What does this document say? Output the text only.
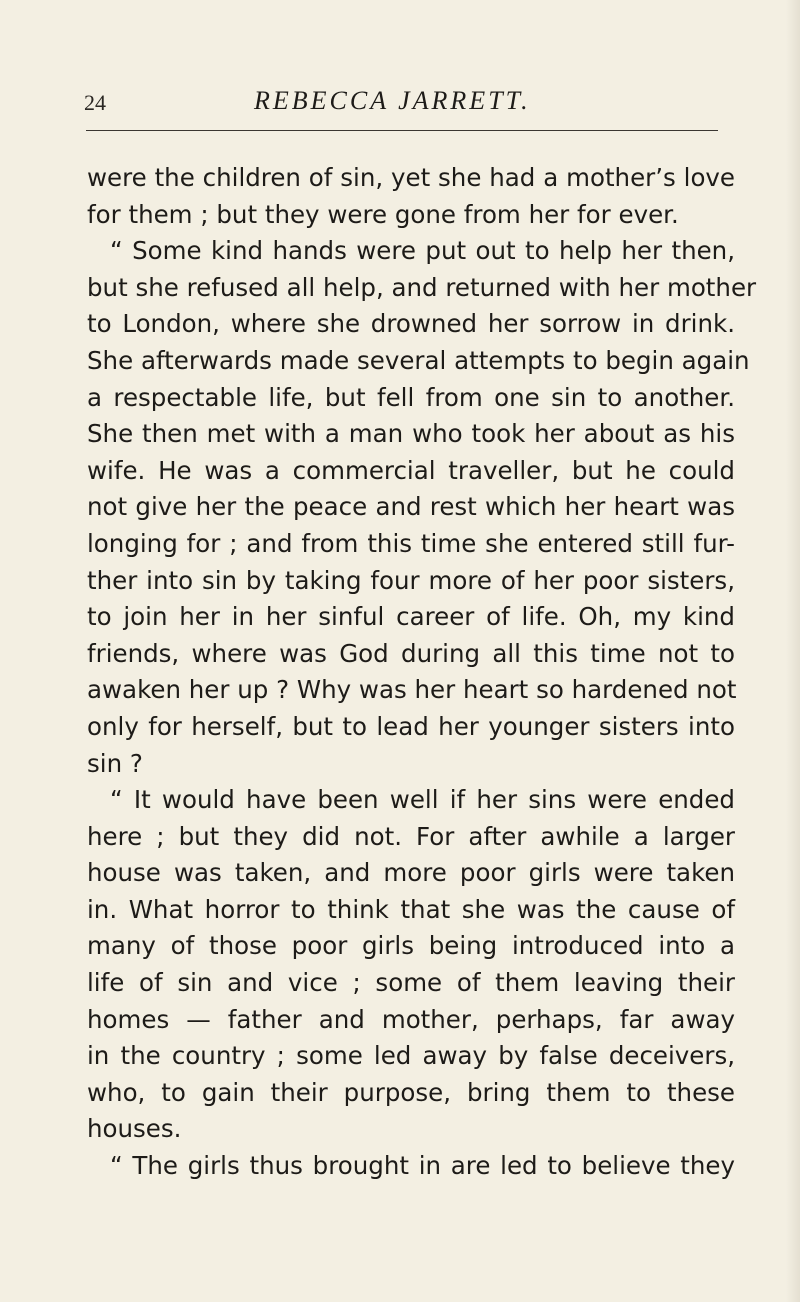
24	REBECCA JARRETT.
were the children of sin, yet she had a mother’s love
for them ; but they were gone from her for ever.
“ Some kind hands were put out to help her then,
but she refused all help, and returned with her mother
to London, where she drowned her sorrow in drink.
She afterwards made several attempts to begin again
a respectable life, but fell from one sin to another.
She then met with a man who took her about as his
wife. He was a commercial traveller, but he could
not give her the peace and rest which her heart was
longing for ; and from this time she entered still fur-
ther into sin by taking four more of her poor sisters,
to join her in her sinful career of life. Oh, my kind
friends, where was God during all this time not to
awaken her up ? Why was her heart so hardened not
only for herself, but to lead her younger sisters into
sin ?
“ It would have been well if her sins were ended
here ; but they did not. For after awhile a larger
house was taken, and more poor girls were taken
in. What horror to think that she was the cause of
many of those poor girls being introduced into a
life of sin and vice ; some of them leaving their
homes — father and mother, perhaps, far away
in the country ; some led away by false deceivers,
who, to gain their purpose, bring them to these
houses.
“ The girls thus brought in are led to believe they
